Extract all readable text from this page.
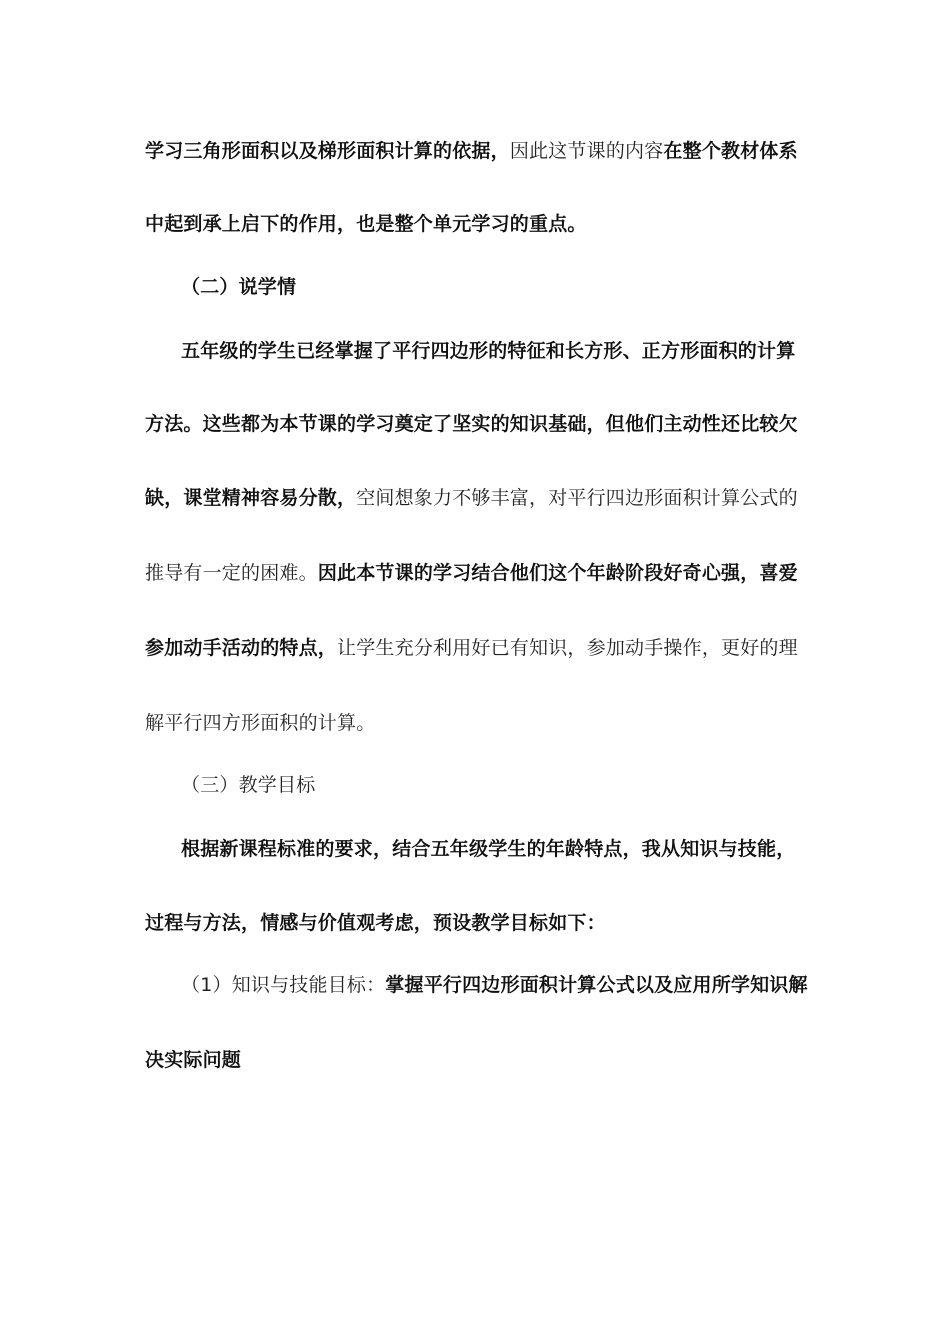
学习三角形面积以及梯形面积计算的依据，因此这节课的内容在整个教材体系
中起到承上启下的作用，也是整个单元学习的重点。
（二）说学情
五年级的学生已经掌握了平行四边形的特征和长方形、正方形面积的计算
方法。这些都为本节课的学习奠定了坚实的知识基础，但他们主动性还比较欠
缺，课堂精神容易分散，空间想象力不够丰富，对平行四边形面积计算公式的
推导有一定的困难。因此本节课的学习结合他们这个年龄阶段好奇心强，喜爱
参加动手活动的特点，让学生充分利用好已有知识，参加动手操作，更好的理
解平行四方形面积的计算。
（三）教学目标
根据新课程标准的要求，结合五年级学生的年龄特点，我从知识与技能，
过程与方法，情感与价值观考虑，预设教学目标如下：
（1）知识与技能目标：掌握平行四边形面积计算公式以及应用所学知识解
决实际问题
